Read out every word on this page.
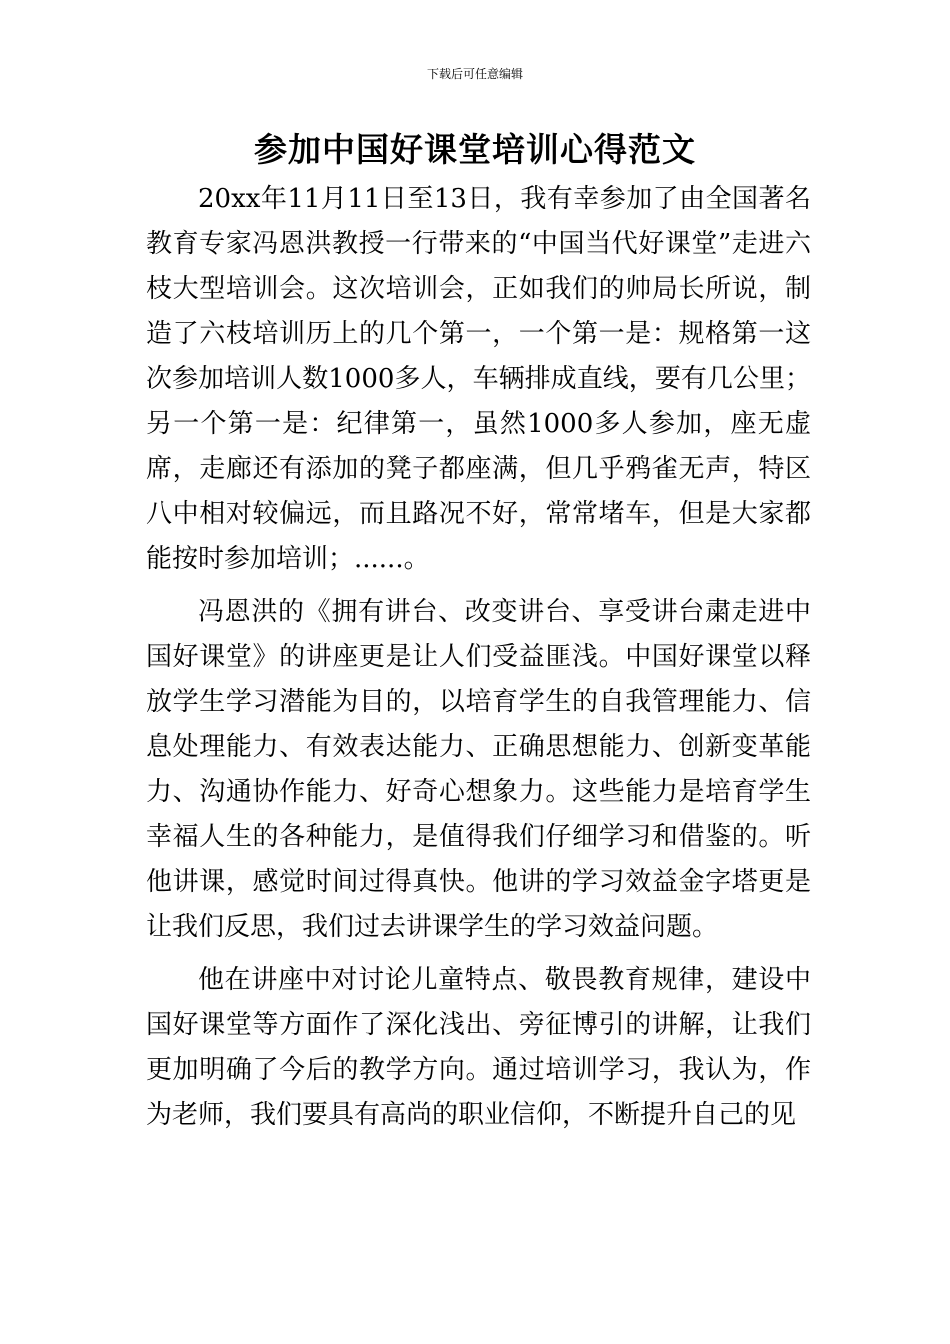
下载后可任意编辑
参加中国好课堂培训心得范文

20xx年11月11日至13日，我有幸参加了由全国著名教育专家冯恩洪教授一行带来的“中国当代好课堂”走进六枝大型培训会。这次培训会，正如我们的帅局长所说，制造了六枝培训历上的几个第一，一个第一是：规格第一这次参加培训人数1000多人，车辆排成直线，要有几公里；另一个第一是：纪律第一，虽然1000多人参加，座无虚席，走廊还有添加的凳子都座满，但几乎鸦雀无声，特区八中相对较偏远，而且路况不好，常常堵车，但是大家都能按时参加培训；......。

冯恩洪的《拥有讲台、改变讲台、享受讲台粛走进中国好课堂》的讲座更是让人们受益匪浅。中国好课堂以释放学生学习潜能为目的，以培育学生的自我管理能力、信息处理能力、有效表达能力、正确思想能力、创新变革能力、沟通协作能力、好奇心想象力。这些能力是培育学生幸福人生的各种能力，是值得我们仔细学习和借鉴的。听他讲课，感觉时间过得真快。他讲的学习效益金字塔更是让我们反思，我们过去讲课学生的学习效益问题。

他在讲座中对讨论儿童特点、敬畏教育规律，建设中国好课堂等方面作了深化浅出、旁征博引的讲解，让我们更加明确了今后的教学方向。通过培训学习，我认为，作为老师，我们要具有高尚的职业信仰，不断提升自己的见
